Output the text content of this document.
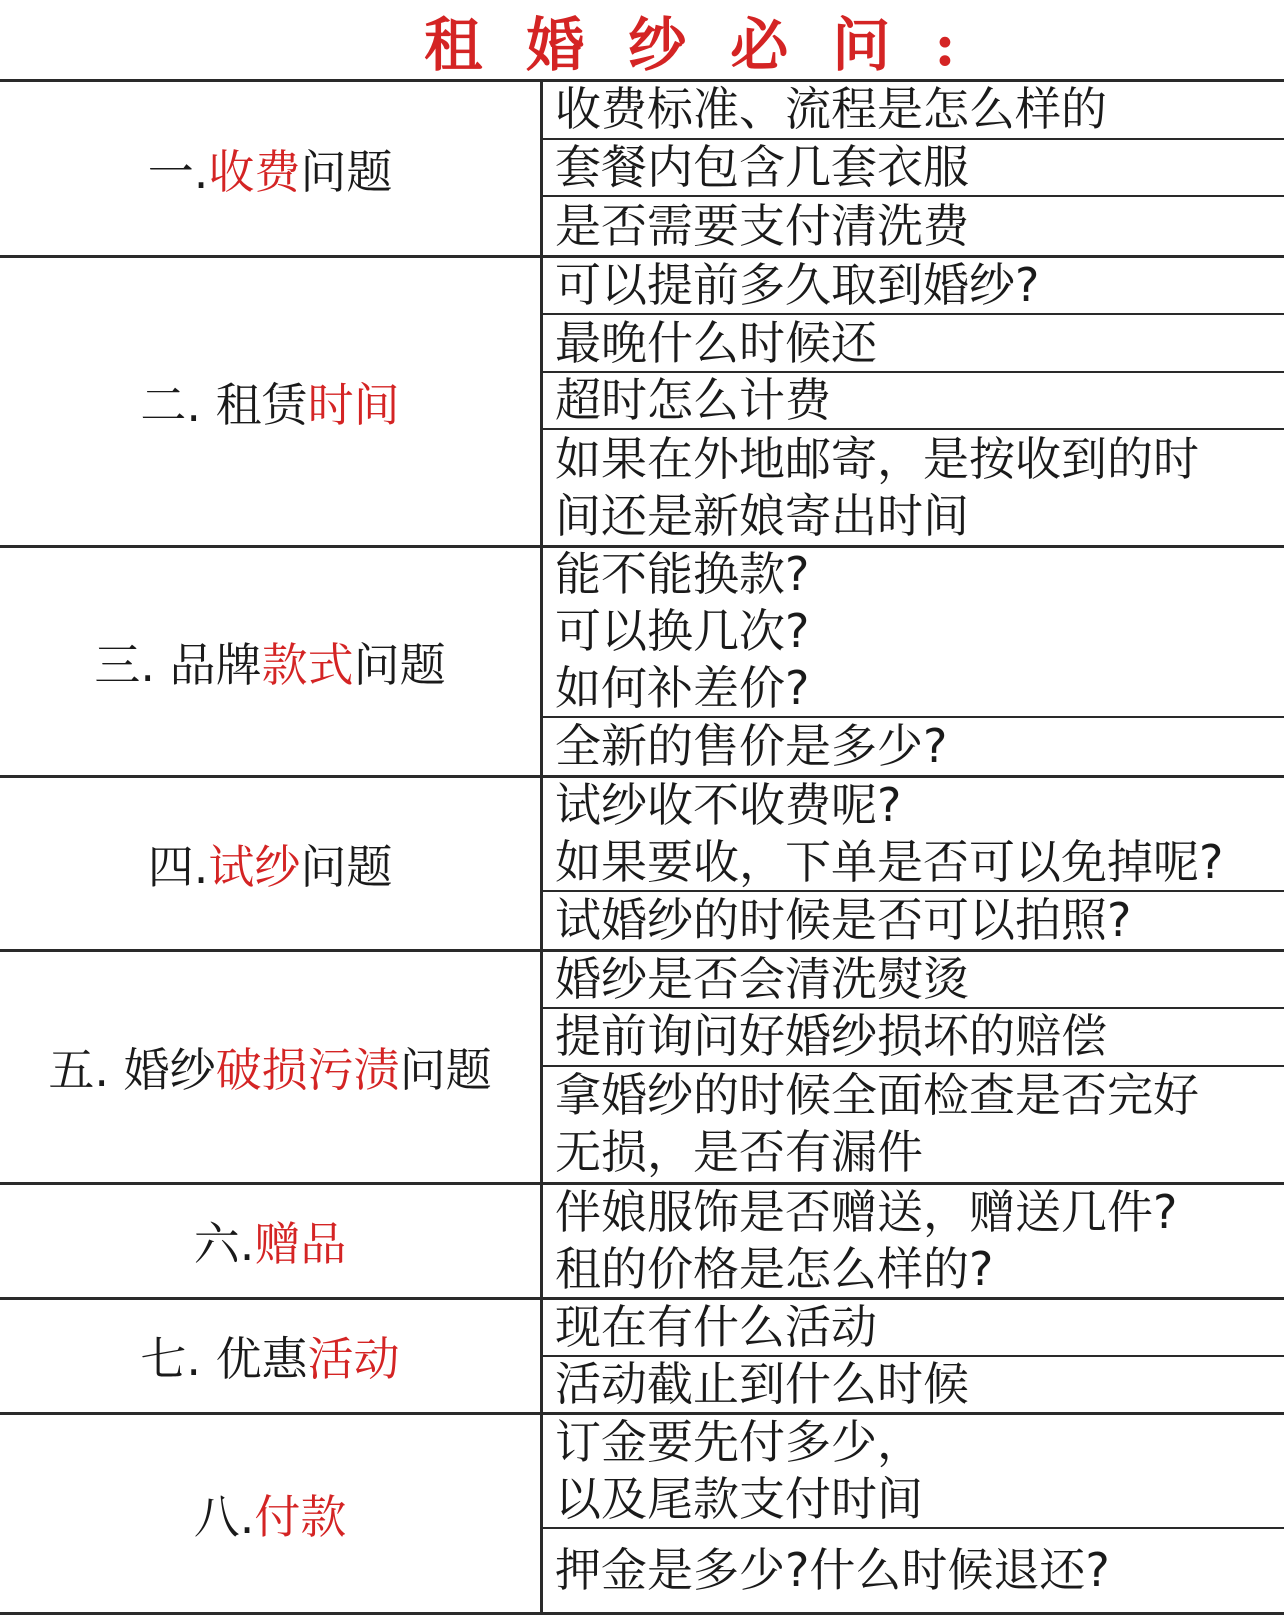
租婚纱必问:
一. 收费 问题
收费标准、流程是怎么样的
套餐内包含几套衣服
是否需要支付清洗费
二. 租赁 时间
可以提前多久取到婚纱?
最晚什么时候还
超时怎么计费
如果在外地邮寄，是按收到的时
间还是新娘寄出时间
三. 品牌 款式 问题
能不能换款?
可以换几次?
如何补差价?
全新的售价是多少?
四. 试纱 问题
试纱收不收费呢?
如果要收，下单是否可以免掉呢?
试婚纱的时候是否可以拍照?
五. 婚纱 破损污渍 问题
婚纱是否会清洗熨烫
提前询问好婚纱损坏的赔偿
拿婚纱的时候全面检查是否完好
无损，是否有漏件
六. 赠品
伴娘服饰是否赠送，赠送几件?
租的价格是怎么样的?
七. 优惠 活动
现在有什么活动
活动截止到什么时候
八. 付款
订金要先付多少，
以及尾款支付时间
押金是多少?什么时候退还?
